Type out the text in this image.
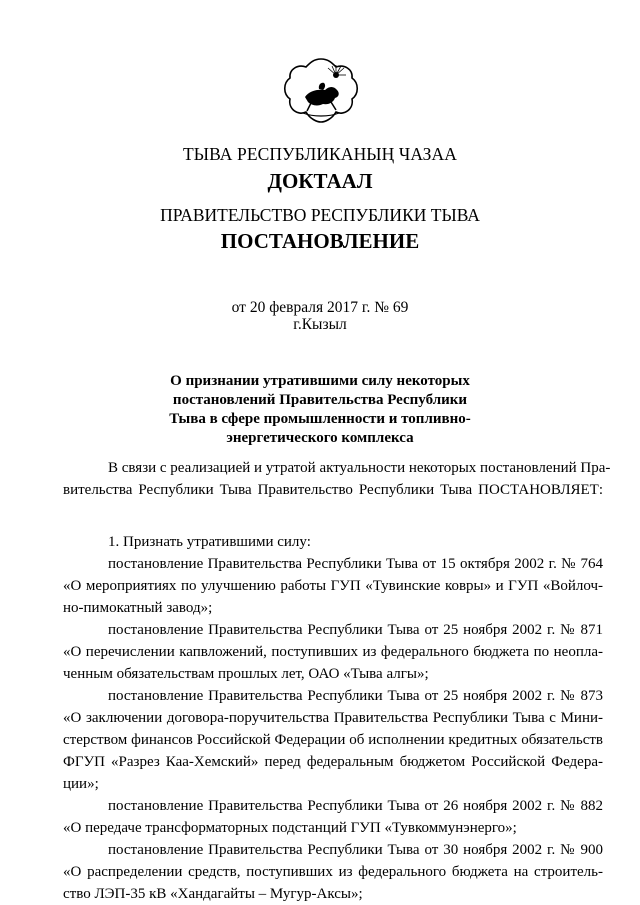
ТЫВА РЕСПУБЛИКАНЫҢ ЧАЗАА
ДОКТААЛ
ПРАВИТЕЛЬСТВО РЕСПУБЛИКИ ТЫВА
ПОСТАНОВЛЕНИЕ
от 20 февраля 2017 г. № 69
г.Кызыл
О признании утратившими силу некоторых
постановлений Правительства Республики
Тыва в сфере промышленности и топливно-
энергетического комплекса
В связи с реализацией и утратой актуальности некоторых постановлений Пра-
вительства Республики Тыва Правительство Республики Тыва ПОСТАНОВЛЯЕТ:
1. Признать утратившими силу:
постановление Правительства Республики Тыва от 15 октября 2002 г. № 764
«О мероприятиях по улучшению работы ГУП «Тувинские ковры» и ГУП «Войлоч-
но-пимокатный завод»;
постановление Правительства Республики Тыва от 25 ноября 2002 г. № 871
«О перечислении капвложений, поступивших из федерального бюджета по неопла-
ченным обязательствам прошлых лет, ОАО «Тыва алгы»;
постановление Правительства Республики Тыва от 25 ноября 2002 г. № 873
«О заключении договора-поручительства Правительства Республики Тыва с Мини-
стерством финансов Российской Федерации об исполнении кредитных обязательств
ФГУП «Разрез Каа-Хемский» перед федеральным бюджетом Российской Федера-
ции»;
постановление Правительства Республики Тыва от 26 ноября 2002 г. № 882
«О передаче трансформаторных подстанций ГУП «Тувкоммунэнерго»;
постановление Правительства Республики Тыва от 30 ноября 2002 г. № 900
«О распределении средств, поступивших из федерального бюджета на строитель-
ство ЛЭП-35 кВ «Хандагайты – Мугур-Аксы»;
